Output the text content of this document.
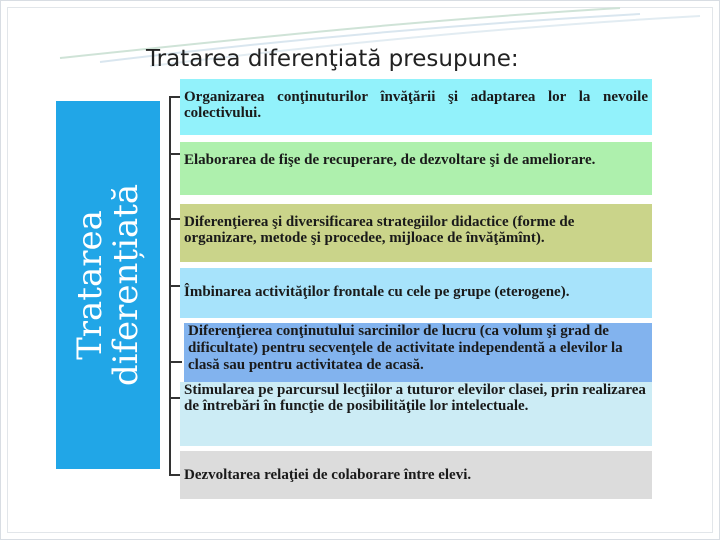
Tratarea diferenţiată presupune:
Tratarea
diferențiată
Organizarea conţinuturilor învăţării şi adaptarea lor la nevoile colectivului.
Elaborarea de fişe de recuperare, de dezvoltare şi de ameliorare.
Diferenţierea şi diversificarea strategiilor didactice (forme de organizare, metode şi procedee, mijloace de învăţămînt).
Îmbinarea activităţilor frontale cu cele pe grupe (eterogene).
Diferenţierea conţinutului sarcinilor de lucru (ca volum şi grad de dificultate) pentru secvenţele de activitate independentă a elevilor la clasă sau pentru activitatea de acasă.
Stimularea pe parcursul lecţiilor a tuturor elevilor clasei, prin realizarea de întrebări în funcţie de posibilităţile lor intelectuale.
Dezvoltarea relaţiei de colaborare între elevi.
